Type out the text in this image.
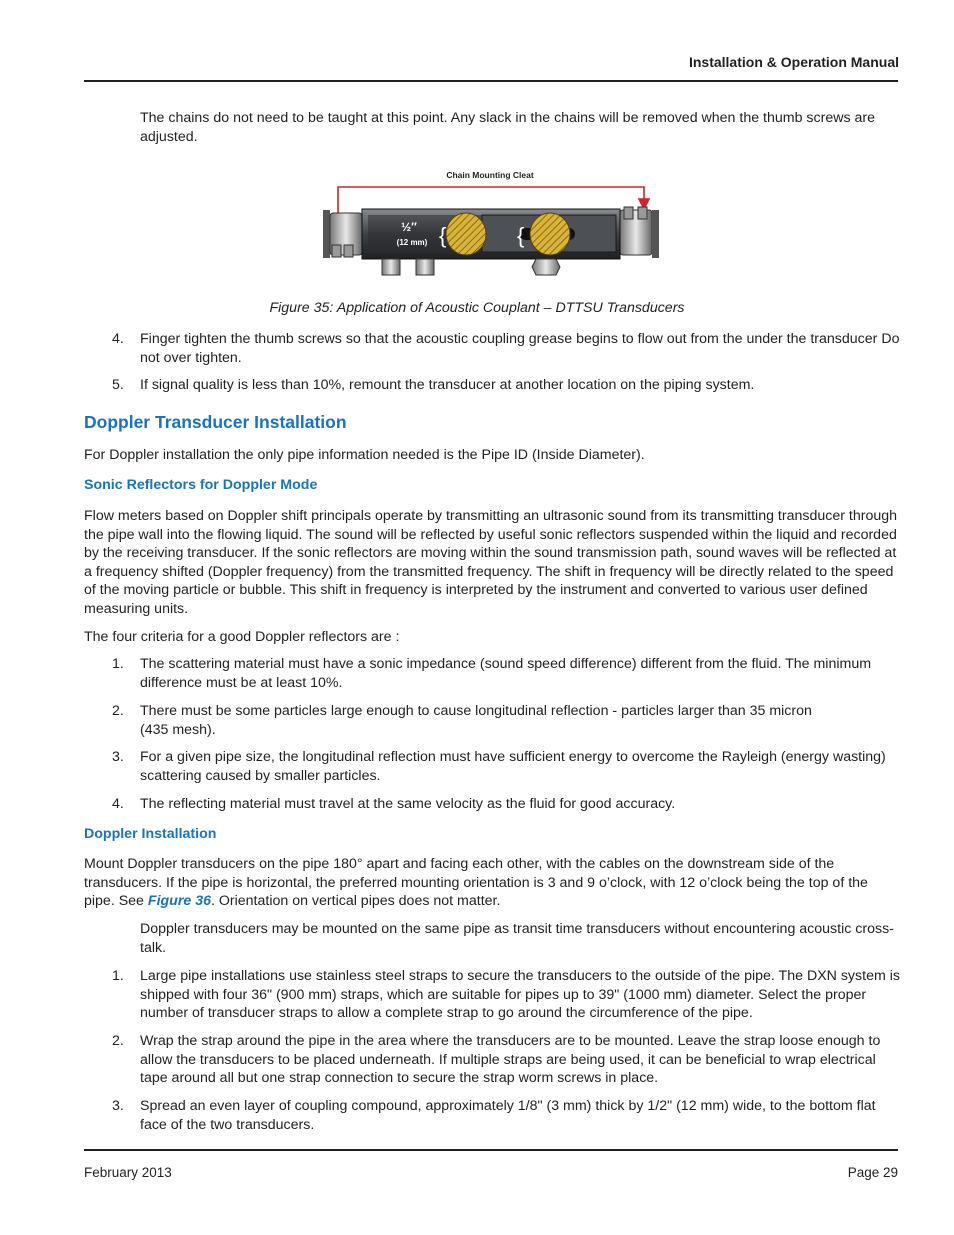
Installation & Operation Manual

The chains do not need to be taught at this point. Any slack in the chains will be removed when the thumb screws are adjusted.

Chain Mounting Cleat
½″
(12 mm) {	{

Figure 35: Application of Acoustic Couplant – DTTSU Transducers

4. Finger tighten the thumb screws so that the acoustic coupling grease begins to flow out from the under the transducer Do not over tighten.

5. If signal quality is less than 10%, remount the transducer at another location on the piping system.

Doppler Transducer Installation

For Doppler installation the only pipe information needed is the Pipe ID (Inside Diameter).

Sonic Reflectors for Doppler Mode

Flow meters based on Doppler shift principals operate by transmitting an ultrasonic sound from its transmitting transducer through the pipe wall into the flowing liquid. The sound will be reflected by useful sonic reflectors suspended within the liquid and recorded by the receiving transducer. If the sonic reflectors are moving within the sound transmission path, sound waves will be reflected at a frequency shifted (Doppler frequency) from the transmitted frequency. The shift in frequency will be directly related to the speed of the moving particle or bubble. This shift in frequency is interpreted by the instrument and converted to various user defined measuring units.

The four criteria for a good Doppler reflectors are :

1. The scattering material must have a sonic impedance (sound speed difference) different from the fluid. The minimum difference must be at least 10%.

2. There must be some particles large enough to cause longitudinal reflection - particles larger than 35 micron

(435 mesh).

3. For a given pipe size, the longitudinal reflection must have sufficient energy to overcome the Rayleigh (energy wasting) scattering caused by smaller particles.

4. The reflecting material must travel at the same velocity as the fluid for good accuracy.

Doppler Installation

Mount Doppler transducers on the pipe 180° apart and facing each other, with the cables on the downstream side of the transducers. If the pipe is horizontal, the preferred mounting orientation is 3 and 9 o’clock, with 12 o’clock being the top of the pipe. See Figure 36. Orientation on vertical pipes does not matter.

Doppler transducers may be mounted on the same pipe as transit time transducers without encountering acoustic cross-talk.

1. Large pipe installations use stainless steel straps to secure the transducers to the outside of the pipe. The DXN system is shipped with four 36" (900 mm) straps, which are suitable for pipes up to 39" (1000 mm) diameter. Select the proper number of transducer straps to allow a complete strap to go around the circumference of the pipe.

2. Wrap the strap around the pipe in the area where the transducers are to be mounted. Leave the strap loose enough to allow the transducers to be placed underneath. If multiple straps are being used, it can be beneficial to wrap electrical tape around all but one strap connection to secure the strap worm screws in place.

3. Spread an even layer of coupling compound, approximately 1/8" (3 mm) thick by 1/2" (12 mm) wide, to the bottom flat face of the two transducers.

February 2013	Page 29
